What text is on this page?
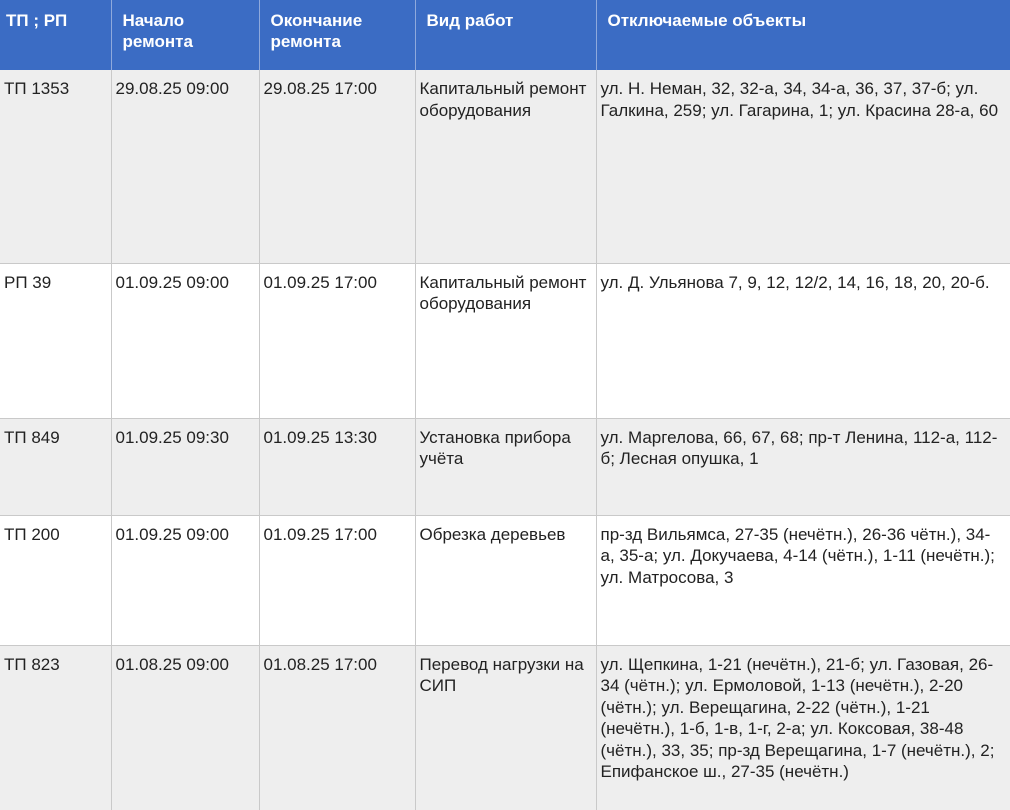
ТП ; РП	Начало ремонта	Окончание ремонта	Вид работ	Отключаемые объекты
ТП 1353	29.08.25 09:00	29.08.25 17:00	Капитальный ремонт оборудования	ул. Н. Неман, 32, 32-а, 34, 34-а, 36, 37, 37-б; ул. Галкина, 259; ул. Гагарина, 1; ул. Красина 28-а, 60
РП 39	01.09.25 09:00	01.09.25 17:00	Капитальный ремонт оборудования	ул. Д. Ульянова 7, 9, 12, 12/2, 14, 16, 18, 20, 20-б.
ТП 849	01.09.25 09:30	01.09.25 13:30	Установка прибора учёта	ул. Маргелова, 66, 67, 68; пр-т Ленина, 112-а, 112-б; Лесная опушка, 1
ТП 200	01.09.25 09:00	01.09.25 17:00	Обрезка деревьев	пр-зд Вильямса, 27-35 (нечётн.), 26-36 чётн.), 34-а, 35-а; ул. Докучаева, 4-14 (чётн.), 1-11 (нечётн.); ул. Матросова, 3
ТП 823	01.08.25 09:00	01.08.25 17:00	Перевод нагрузки на СИП	ул. Щепкина, 1-21 (нечётн.), 21-б; ул. Газовая, 26-34 (чётн.); ул. Ермоловой, 1-13 (нечётн.), 2-20 (чётн.); ул. Верещагина, 2-22 (чётн.), 1-21 (нечётн.), 1-б, 1-в, 1-г, 2-а; ул. Коксовая, 38-48 (чётн.), 33, 35; пр-зд Верещагина, 1-7 (нечётн.), 2; Епифанское ш., 27-35 (нечётн.)
